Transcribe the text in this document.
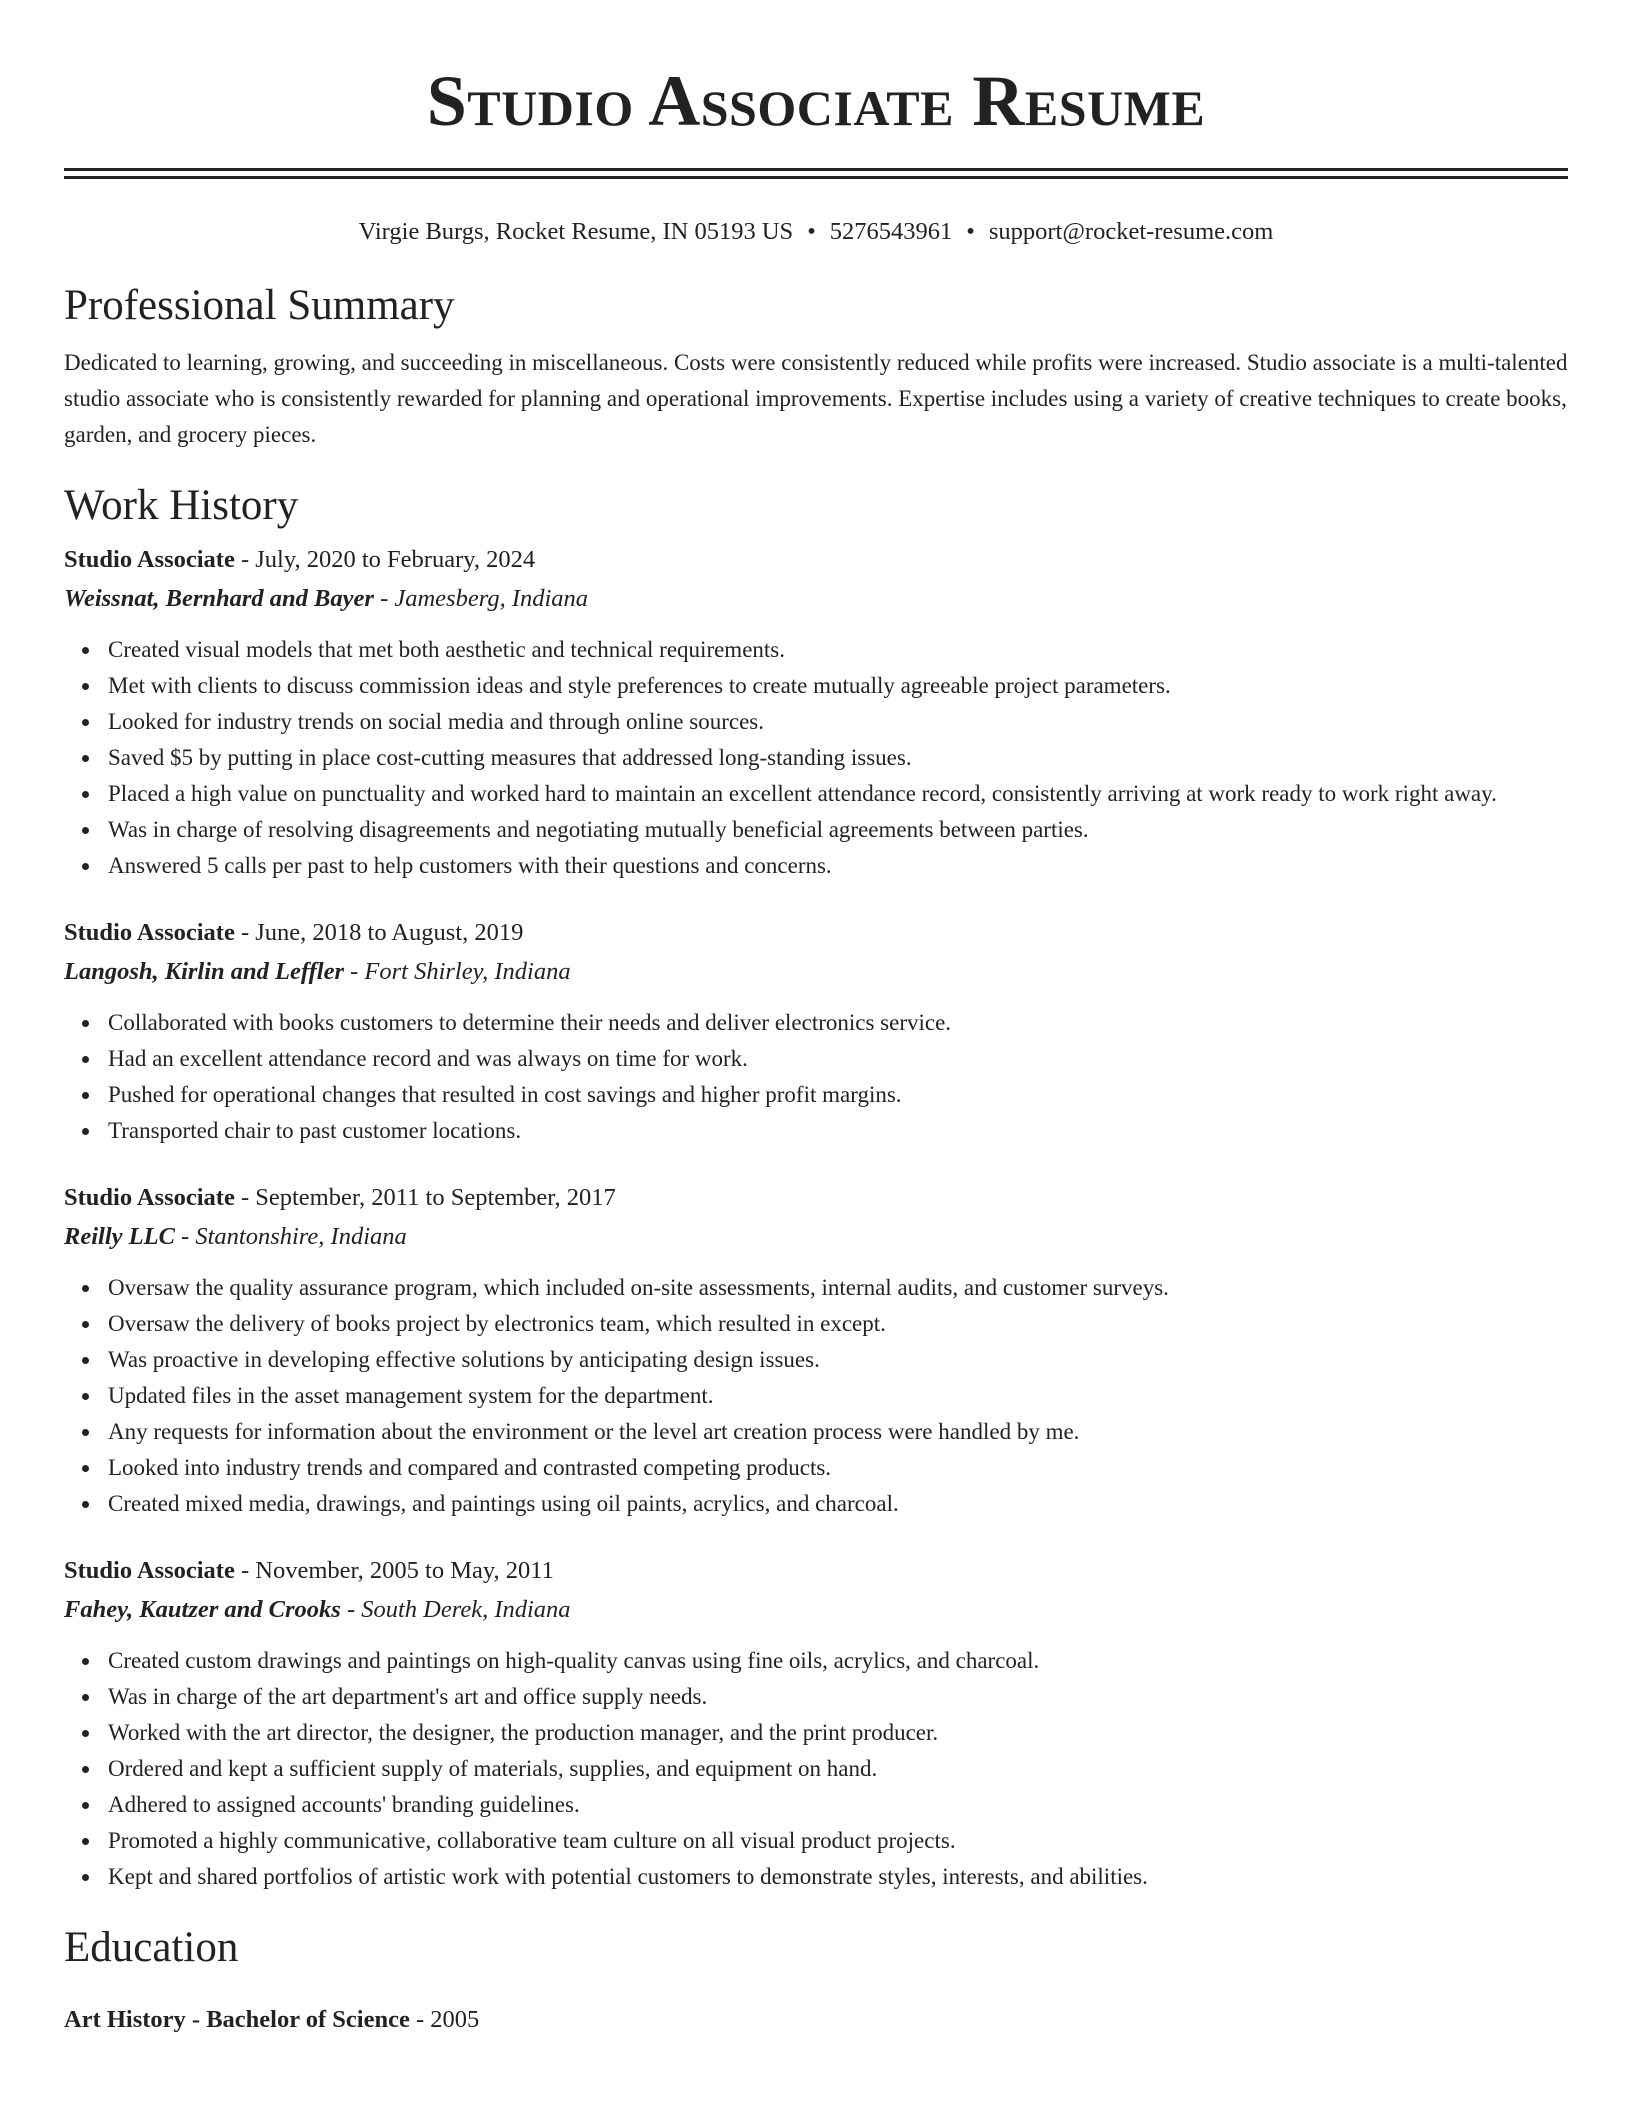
Studio Associate Resume
Virgie Burgs, Rocket Resume, IN 05193 US • 5276543961 • support@rocket-resume.com
Professional Summary

Dedicated to learning, growing, and succeeding in miscellaneous. Costs were consistently reduced while profits were increased. Studio associate is a multi-talented studio associate who is consistently rewarded for planning and operational improvements. Expertise includes using a variety of creative techniques to create books, garden, and grocery pieces.

Work History

Studio Associate - July, 2020 to February, 2024

Weissnat, Bernhard and Bayer - Jamesberg, Indiana

Created visual models that met both aesthetic and technical requirements.
Met with clients to discuss commission ideas and style preferences to create mutually agreeable project parameters.
Looked for industry trends on social media and through online sources.
Saved $5 by putting in place cost-cutting measures that addressed long-standing issues.
Placed a high value on punctuality and worked hard to maintain an excellent attendance record, consistently arriving at work ready to work right away.
Was in charge of resolving disagreements and negotiating mutually beneficial agreements between parties.
Answered 5 calls per past to help customers with their questions and concerns.

Studio Associate - June, 2018 to August, 2019

Langosh, Kirlin and Leffler - Fort Shirley, Indiana

Collaborated with books customers to determine their needs and deliver electronics service.
Had an excellent attendance record and was always on time for work.
Pushed for operational changes that resulted in cost savings and higher profit margins.
Transported chair to past customer locations.

Studio Associate - September, 2011 to September, 2017

Reilly LLC - Stantonshire, Indiana

Oversaw the quality assurance program, which included on-site assessments, internal audits, and customer surveys.
Oversaw the delivery of books project by electronics team, which resulted in except.
Was proactive in developing effective solutions by anticipating design issues.
Updated files in the asset management system for the department.
Any requests for information about the environment or the level art creation process were handled by me.
Looked into industry trends and compared and contrasted competing products.
Created mixed media, drawings, and paintings using oil paints, acrylics, and charcoal.

Studio Associate - November, 2005 to May, 2011

Fahey, Kautzer and Crooks - South Derek, Indiana

Created custom drawings and paintings on high-quality canvas using fine oils, acrylics, and charcoal.
Was in charge of the art department's art and office supply needs.
Worked with the art director, the designer, the production manager, and the print producer.
Ordered and kept a sufficient supply of materials, supplies, and equipment on hand.
Adhered to assigned accounts' branding guidelines.
Promoted a highly communicative, collaborative team culture on all visual product projects.
Kept and shared portfolios of artistic work with potential customers to demonstrate styles, interests, and abilities.
Education

Art History - Bachelor of Science - 2005
